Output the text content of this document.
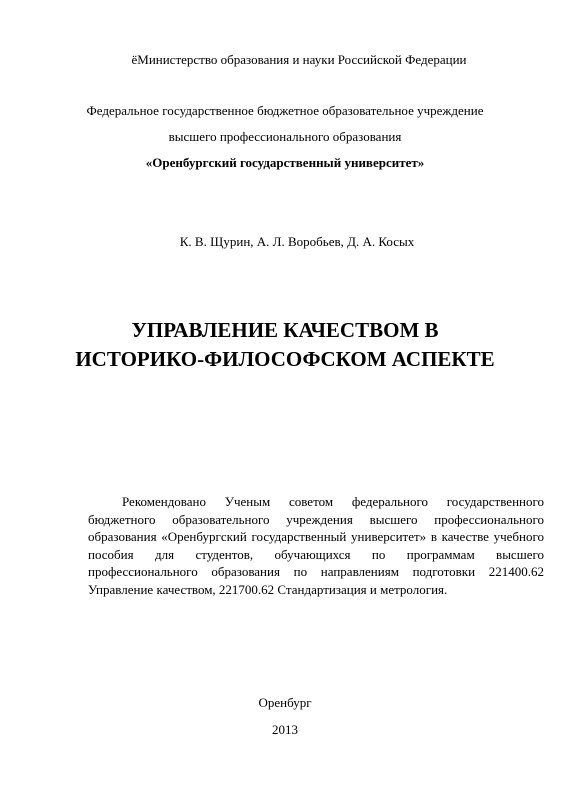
ёМинистерство образования и науки Российской Федерации
Федеральное государственное бюджетное образовательное учреждение
высшего профессионального образования
«Оренбургский государственный университет»
К. В. Щурин, А. Л. Воробьев, Д. А. Косых
УПРАВЛЕНИЕ КАЧЕСТВОМ В
ИСТОРИКО-ФИЛОСОФСКОМ АСПЕКТЕ

Рекомендовано Ученым советом федерального государственного бюджетного образовательного учреждения высшего профессионального образования «Оренбургский государственный университет» в качестве учебного пособия для студентов, обучающихся по программам высшего профессионального образования по направлениям подготовки 221400.62 Управление качеством, 221700.62 Стандартизация и метрология.

Оренбург
2013
